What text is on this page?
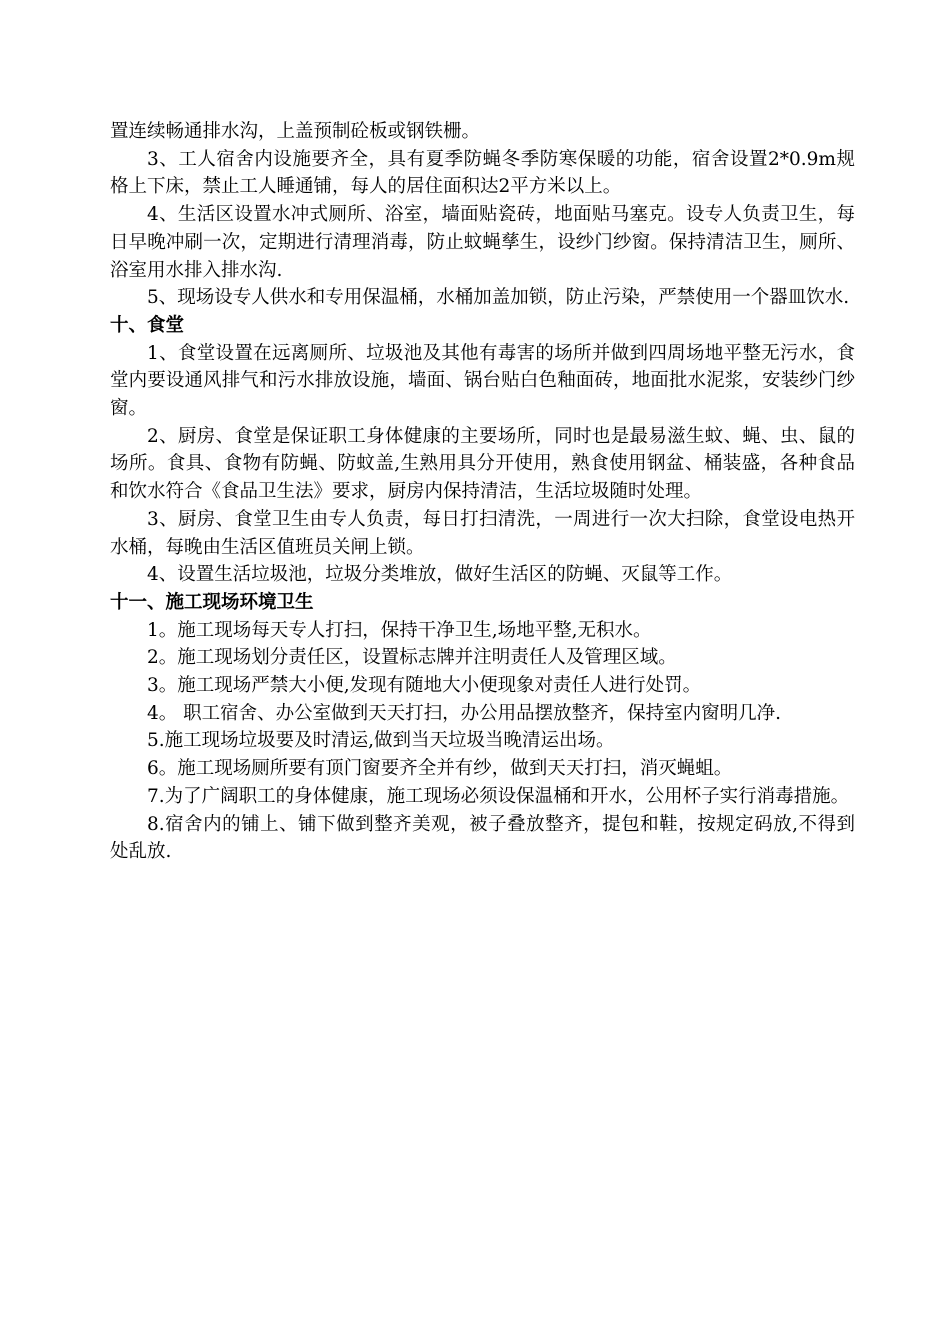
置连续畅通排水沟，上盖预制砼板或钢铁栅。

3、工人宿舍内设施要齐全，具有夏季防蝇冬季防寒保暖的功能，宿舍设置2*0.9m规格上下床，禁止工人睡通铺，每人的居住面积达2平方米以上。

4、生活区设置水冲式厕所、浴室，墙面贴瓷砖，地面贴马塞克。设专人负责卫生，每日早晚冲刷一次，定期进行清理消毒，防止蚊蝇孳生，设纱门纱窗。保持清洁卫生，厕所、浴室用水排入排水沟.

5、现场设专人供水和专用保温桶，水桶加盖加锁，防止污染，严禁使用一个器皿饮水.

十、食堂

1、食堂设置在远离厕所、垃圾池及其他有毒害的场所并做到四周场地平整无污水，食堂内要设通风排气和污水排放设施，墙面、锅台贴白色釉面砖，地面批水泥浆，安装纱门纱窗。

2、厨房、食堂是保证职工身体健康的主要场所，同时也是最易滋生蚊、蝇、虫、鼠的场所。食具、食物有防蝇、防蚊盖,生熟用具分开使用，熟食使用钢盆、桶装盛，各种食品和饮水符合《食品卫生法》要求，厨房内保持清洁，生活垃圾随时处理。

3、厨房、食堂卫生由专人负责，每日打扫清洗，一周进行一次大扫除，食堂设电热开水桶，每晚由生活区值班员关闸上锁。

4、设置生活垃圾池，垃圾分类堆放，做好生活区的防蝇、灭鼠等工作。

十一、施工现场环境卫生

1。施工现场每天专人打扫，保持干净卫生,场地平整,无积水。

2。施工现场划分责任区，设置标志牌并注明责任人及管理区域。

3。施工现场严禁大小便,发现有随地大小便现象对责任人进行处罚。

4。 职工宿舍、办公室做到天天打扫，办公用品摆放整齐，保持室内窗明几净.

5.施工现场垃圾要及时清运,做到当天垃圾当晚清运出场。

6。施工现场厕所要有顶门窗要齐全并有纱，做到天天打扫，消灭蝇蛆。

7.为了广阔职工的身体健康，施工现场必须设保温桶和开水，公用杯子实行消毒措施。

8.宿舍内的铺上、铺下做到整齐美观，被子叠放整齐，提包和鞋，按规定码放,不得到处乱放.
